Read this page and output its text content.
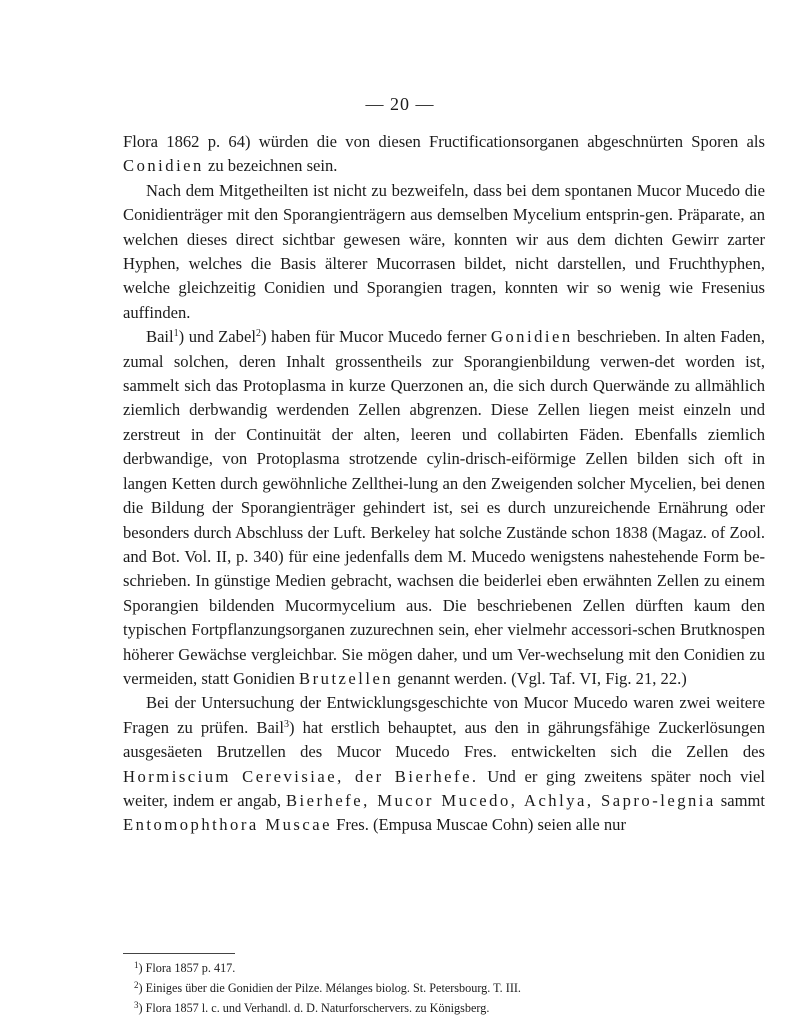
— 20 —

Flora 1862 p. 64) würden die von diesen Fructificationsorganen abgeschnürten Sporen als Conidien zu bezeichnen sein.

Nach dem Mitgetheilten ist nicht zu bezweifeln, dass bei dem spontanen Mucor Mucedo die Conidienträger mit den Sporangienträgern aus demselben Mycelium entsprin-gen. Präparate, an welchen dieses direct sichtbar gewesen wäre, konnten wir aus dem dichten Gewirr zarter Hyphen, welches die Basis älterer Mucorrasen bildet, nicht darstellen, und Fruchthyphen, welche gleichzeitig Conidien und Sporangien tragen, konnten wir so wenig wie Fresenius auffinden.

Bail$^1$) und Zabel$^2$) haben für Mucor Mucedo ferner Gonidien beschrieben. In alten Faden, zumal solchen, deren Inhalt grossentheils zur Sporangienbildung verwen-det worden ist, sammelt sich das Protoplasma in kurze Querzonen an, die sich durch Querwände zu allmählich ziemlich derbwandig werdenden Zellen abgrenzen. Diese Zellen liegen meist einzeln und zerstreut in der Continuität der alten, leeren und collabirten Fäden. Ebenfalls ziemlich derbwandige, von Protoplasma strotzende cylin-drisch-eiförmige Zellen bilden sich oft in langen Ketten durch gewöhnliche Zellthei-lung an den Zweigenden solcher Mycelien, bei denen die Bildung der Sporangienträger gehindert ist, sei es durch unzureichende Ernährung oder besonders durch Abschluss der Luft. Berkeley hat solche Zustände schon 1838 (Magaz. of Zool. and Bot. Vol. II, p. 340) für eine jedenfalls dem M. Mucedo wenigstens nahestehende Form be-schrieben. In günstige Medien gebracht, wachsen die beiderlei eben erwähnten Zellen zu einem Sporangien bildenden Mucormycelium aus. Die beschriebenen Zellen dürften kaum den typischen Fortpflanzungsorganen zuzurechnen sein, eher vielmehr accessori-schen Brutknospen höherer Gewächse vergleichbar. Sie mögen daher, und um Ver-wechselung mit den Conidien zu vermeiden, statt Gonidien Brutzellen genannt werden. (Vgl. Taf. VI, Fig. 21, 22.)

Bei der Untersuchung der Entwicklungsgeschichte von Mucor Mucedo waren zwei weitere Fragen zu prüfen. Bail$^3$) hat erstlich behauptet, aus den in gährungsfähige Zuckerlösungen ausgesäeten Brutzellen des Mucor Mucedo Fres. entwickelten sich die Zellen des Hormiscium Cerevisiae, der Bierhefe. Und er ging zweitens später noch viel weiter, indem er angab, Bierhefe, Mucor Mucedo, Achlya, Sapro-legnia sammt Entomophthora Muscae Fres. (Empusa Muscae Cohn) seien alle nur

$^1$) Flora 1857 p. 417.

$^2$) Einiges über die Gonidien der Pilze. Mélanges biolog. St. Petersbourg. T. III.

$^3$) Flora 1857 l. c. und Verhandl. d. D. Naturforschervers. zu Königsberg.
